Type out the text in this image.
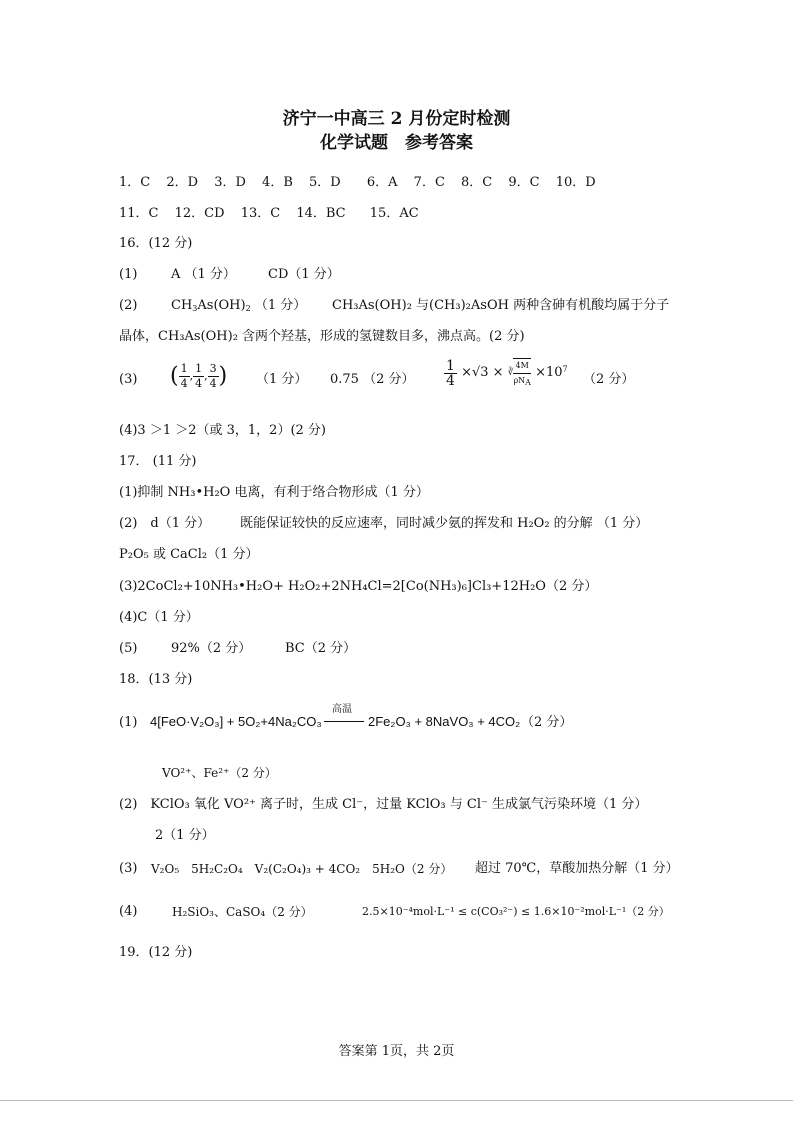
济宁一中高三 2 月份定时检测
化学试题　参考答案
1．C 2．D 3．D 4．B 5．D 6．A 7．C 8．C 9．C 10．D
11．C 12．CD 13．C 14．BC 15．AC
16．(12 分)
(1)	A （1 分） CD（1 分）
(2)	$CH_3As(OH)_2$ （1 分） CH₃As(OH)₂ 与(CH₃)₂AsOH 两种含砷有机酸均属于分子
晶体，CH₃As(OH)₂ 含两个羟基，形成的氢键数目多，沸点高。(2 分)
(3) ( $\frac{1}{4}$ , $\frac{1}{4}$ , $\frac{3}{4}$ ) （1 分） 0.75 （2 分） $\frac{1}{4} \times√3$ × ∛ $\frac{4M}{\rho N_A} \times 10^7$
（2 分）
(4)3 ＞1 ＞2（或 3，1，2）(2 分)
17． (11 分)
(1)抑制 NH₃•H₂O 电离，有利于络合物形成（1 分）
(2)　d（1 分） 既能保证较快的反应速率，同时减少氨的挥发和 H₂O₂ 的分解 （1 分）
P₂O₅ 或 CaCl₂（1 分）
(3)2CoCl₂+10NH₃•H₂O+ H₂O₂+2NH₄Cl=2[Co(NH₃)₆]Cl₃+12H₂O（2 分）
(4)C（1 分）
(5)	92%（2 分）	BC（2 分）
18．(13 分)
(1) 4[FeO·V₂O₃] + 5O₂+4Na₂CO₃
高温
2Fe₂O₃ + 8NaVO₃ + 4CO₂ （2 分）
VO²⁺、Fe²⁺（2 分）
(2)　KClO₃ 氧化 VO²⁺ 离子时，生成 Cl⁻，过量 KClO₃ 与 Cl⁻ 生成氯气污染环境（1 分）
2（1 分）
(3) V₂O₅　5H₂C₂O₄　V₂(C₂O₄)₃ + 4CO₂　5H₂O（2 分） 超过 70℃，草酸加热分解（1 分）
(4)	H₂SiO₃、CaSO₄（2 分）	2.5×10⁻⁴mol·L⁻¹ ≤ c(CO₃²⁻) ≤ 1.6×10⁻²mol·L⁻¹（2 分）
19．(12 分)
答案第 1页，共 2页
